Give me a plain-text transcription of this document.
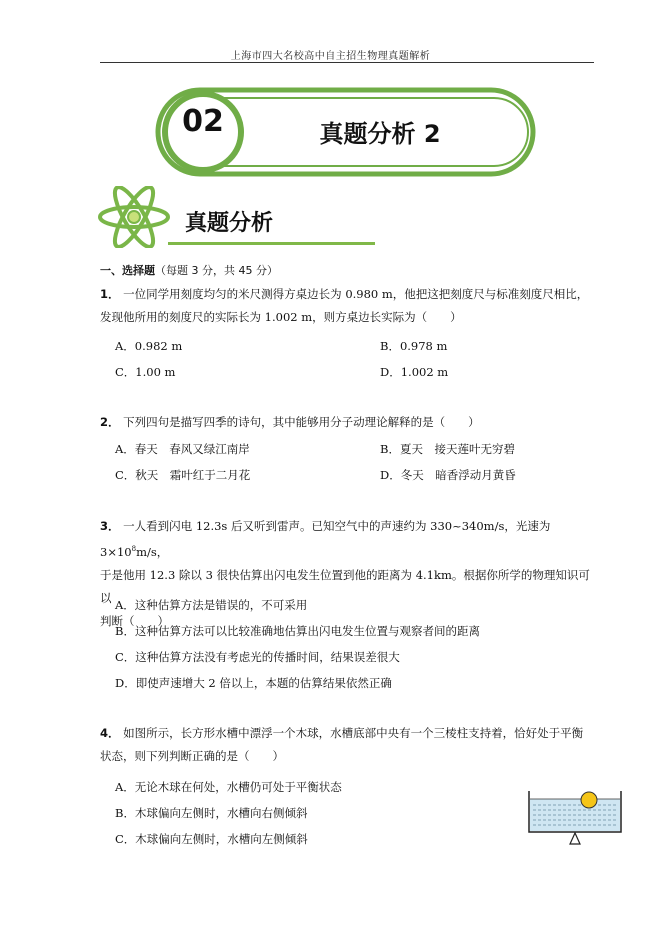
上海市四大名校高中自主招生物理真题解析
02	真题分析 2
真题分析
一、选择题（每题 3 分，共 45 分）
1． 一位同学用刻度均匀的米尺测得方桌边长为 0.980 m，他把这把刻度尺与标准刻度尺相比，
发现他所用的刻度尺的实际长为 1.002 m，则方桌边长实际为（　　）
A．0.982 m	B．0.978 m
C．1.00 m	D．1.002 m
2． 下列四句是描写四季的诗句，其中能够用分子动理论解释的是（　　）
A．春天　春风又绿江南岸	B．夏天　接天莲叶无穷碧
C．秋天　霜叶红于二月花	D．冬天　暗香浮动月黄昏
3． 一人看到闪电 12.3s 后又听到雷声。已知空气中的声速约为 330~340m/s，光速为 $3\times 10^8m/s$，
于是他用 12.3 除以 3 很快估算出闪电发生位置到他的距离为 4.1km。根据你所学的物理知识可以
判断（　　）
A．这种估算方法是错误的，不可采用
B．这种估算方法可以比较准确地估算出闪电发生位置与观察者间的距离
C．这种估算方法没有考虑光的传播时间，结果误差很大
D．即使声速增大 2 倍以上，本题的估算结果依然正确
4． 如图所示，长方形水槽中漂浮一个木球，水槽底部中央有一个三棱柱支持着，恰好处于平衡
状态，则下列判断正确的是（　　）
A．无论木球在何处，水槽仍可处于平衡状态
B．木球偏向左侧时，水槽向右侧倾斜
C．木球偏向左侧时，水槽向左侧倾斜
